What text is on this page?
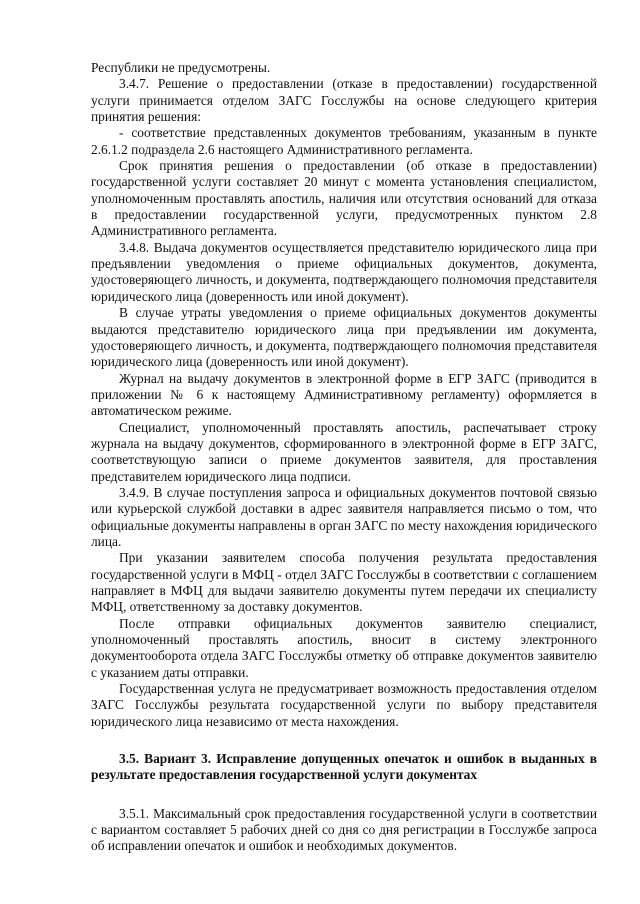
Республики не предусмотрены.

3.4.7. Решение о предоставлении (отказе в предоставлении) государственной услуги принимается отделом ЗАГС Госслужбы на основе следующего критерия принятия решения:

- соответствие представленных документов требованиям, указанным в пункте 2.6.1.2 подраздела 2.6 настоящего Административного регламента.

Срок принятия решения о предоставлении (об отказе в предоставлении) государственной услуги составляет 20 минут с момента установления специалистом, уполномоченным проставлять апостиль, наличия или отсутствия оснований для отказа в предоставлении государственной услуги, предусмотренных пунктом 2.8 Административного регламента.

3.4.8. Выдача документов осуществляется представителю юридического лица при предъявлении уведомления о приеме официальных документов, документа, удостоверяющего личность, и документа, подтверждающего полномочия представителя юридического лица (доверенность или иной документ).

В случае утраты уведомления о приеме официальных документов документы выдаются представителю юридического лица при предъявлении им документа, удостоверяющего личность, и документа, подтверждающего полномочия представителя юридического лица (доверенность или иной документ).

Журнал на выдачу документов в электронной форме в ЕГР ЗАГС (приводится в приложении № 6 к настоящему Административному регламенту) оформляется в автоматическом режиме.

Специалист, уполномоченный проставлять апостиль, распечатывает строку журнала на выдачу документов, сформированного в электронной форме в ЕГР ЗАГС, соответствующую записи о приеме документов заявителя, для проставления представителем юридического лица подписи.

3.4.9. В случае поступления запроса и официальных документов почтовой связью или курьерской службой доставки в адрес заявителя направляется письмо о том, что официальные документы направлены в орган ЗАГС по месту нахождения юридического лица.

При указании заявителем способа получения результата предоставления государственной услуги в МФЦ - отдел ЗАГС Госслужбы в соответствии с соглашением направляет в МФЦ для выдачи заявителю документы путем передачи их специалисту МФЦ, ответственному за доставку документов.

После отправки официальных документов заявителю специалист, уполномоченный проставлять апостиль, вносит в систему электронного документооборота отдела ЗАГС Госслужбы отметку об отправке документов заявителю с указанием даты отправки.

Государственная услуга не предусматривает возможность предоставления отделом ЗАГС Госслужбы результата государственной услуги по выбору представителя юридического лица независимо от места нахождения.

3.5. Вариант 3. Исправление допущенных опечаток и ошибок в выданных в результате предоставления государственной услуги документах

3.5.1. Максимальный срок предоставления государственной услуги в соответствии с вариантом составляет 5 рабочих дней со дня со дня регистрации в Госслужбе запроса об исправлении опечаток и ошибок и необходимых документов.
